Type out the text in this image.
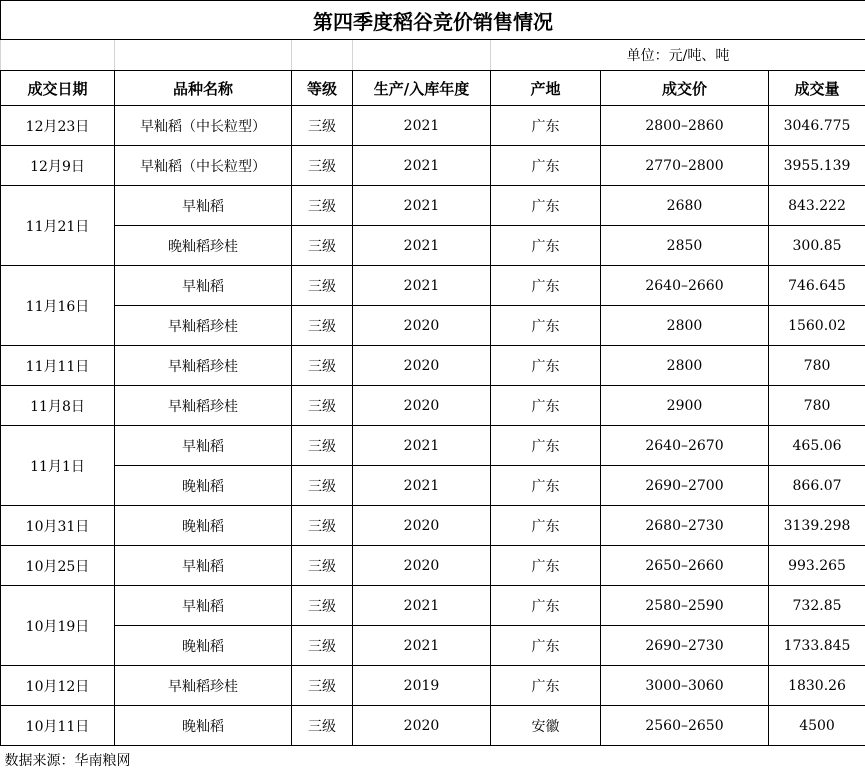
第四季度稻谷竞价销售情况						
				单位：元/吨、吨		
成交日期	品种名称	等级	生产/入库年度	产地	成交价	成交量
12月23日	早籼稻（中长粒型）	三级	2021	广东	2800–2860	3046.775
12月9日	早籼稻（中长粒型）	三级	2021	广东	2770–2800	3955.139
11月21日	早籼稻	三级	2021	广东	2680	843.222
	晚籼稻珍桂	三级	2021	广东	2850	300.85
11月16日	早籼稻	三级	2021	广东	2640–2660	746.645
	早籼稻珍桂	三级	2020	广东	2800	1560.02
11月11日	早籼稻珍桂	三级	2020	广东	2800	780
11月8日	早籼稻珍桂	三级	2020	广东	2900	780
11月1日	早籼稻	三级	2021	广东	2640–2670	465.06
	晚籼稻	三级	2021	广东	2690–2700	866.07
10月31日	晚籼稻	三级	2020	广东	2680–2730	3139.298
10月25日	早籼稻	三级	2020	广东	2650–2660	993.265
10月19日	早籼稻	三级	2021	广东	2580–2590	732.85
	晚籼稻	三级	2021	广东	2690–2730	1733.845
10月12日	早籼稻珍桂	三级	2019	广东	3000–3060	1830.26
10月11日	晚籼稻	三级	2020	安徽	2560–2650	4500
数据来源：华南粮网						
